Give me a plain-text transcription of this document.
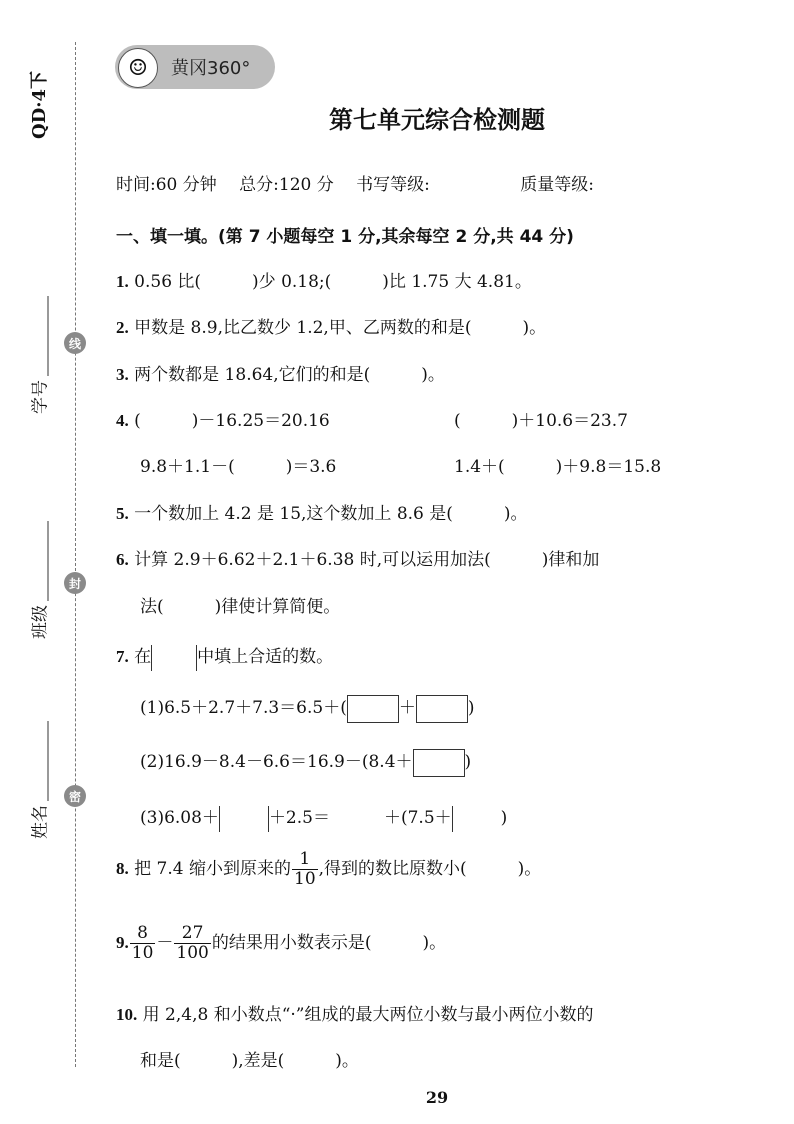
QD·4下
学号
班级
姓名
线
封
密
☺	黄冈360°
第七单元综合检测题
时间:60 分钟　 总分:120 分　 书写等级:　　　　　 质量等级:
一、填一填。(第 7 小题每空 1 分,其余每空 2 分,共 44 分)
1. 0.56 比(　　　)少 0.18;(　　　)比 1.75 大 4.81。
2. 甲数是 8.9,比乙数少 1.2,甲、乙两数的和是(　　　)。
3. 两个数都是 18.64,它们的和是(　　　)。
4. (　　　)－16.25＝20.16	(　　　)＋10.6＝23.7
9.8＋1.1－(　　　)＝3.6	1.4＋(　　　)＋9.8＝15.8
5. 一个数加上 4.2 是 15,这个数加上 8.6 是(　　　)。
6. 计算 2.9＋6.62＋2.1＋6.38 时,可以运用加法(　　　)律和加
法(　　　)律使计算简便。
7. 在	中填上合适的数。
(1)6.5＋2.7＋7.3＝6.5＋(	＋	)
(2)16.9－8.4－6.6＝16.9－(8.4＋	)
(3)6.08＋	＋2.5＝	＋(7.5＋	)
8. 把 7.4 缩小到原来的 $\frac{1}{10}$ ,得到的数比原数小(　　　)。
9. $\frac{8}{10} - \frac{27}{100}$ 的结果用小数表示是(　　　)。
10. 用 2,4,8 和小数点“·”组成的最大两位小数与最小两位小数的
和是(　　　),差是(　　　)。
29
